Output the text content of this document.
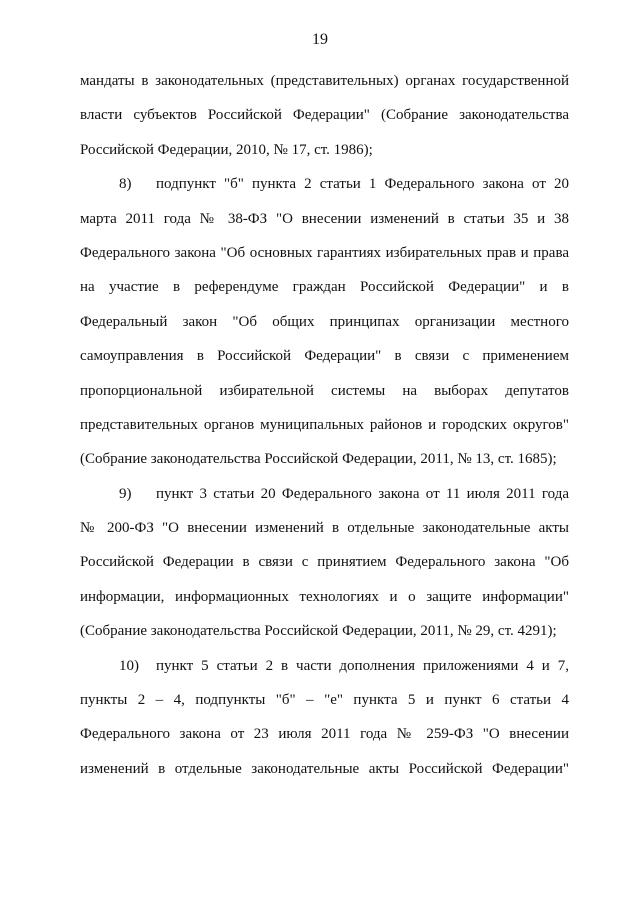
19
мандаты в законодательных (представительных) органах государственной
власти субъектов Российской Федерации" (Собрание законодательства
Российской Федерации, 2010, № 17, ст. 1986);
8) подпункт "б" пункта 2 статьи 1 Федерального закона от 20
марта 2011 года № 38-ФЗ "О внесении изменений в статьи 35 и 38
Федерального закона "Об основных гарантиях избирательных прав и права
на участие в референдуме граждан Российской Федерации" и в
Федеральный закон "Об общих принципах организации местного
самоуправления в Российской Федерации" в связи с применением
пропорциональной избирательной системы на выборах депутатов
представительных органов муниципальных районов и городских округов"
(Собрание законодательства Российской Федерации, 2011, № 13, ст. 1685);
9) пункт 3 статьи 20 Федерального закона от 11 июля 2011 года
№ 200-ФЗ "О внесении изменений в отдельные законодательные акты
Российской Федерации в связи с принятием Федерального закона "Об
информации, информационных технологиях и о защите информации"
(Собрание законодательства Российской Федерации, 2011, № 29, ст. 4291);
10) пункт 5 статьи 2 в части дополнения приложениями 4 и 7,
пункты 2 – 4, подпункты "б" – "е" пункта 5 и пункт 6 статьи 4
Федерального закона от 23 июля 2011 года № 259-ФЗ "О внесении
изменений в отдельные законодательные акты Российской Федерации"
